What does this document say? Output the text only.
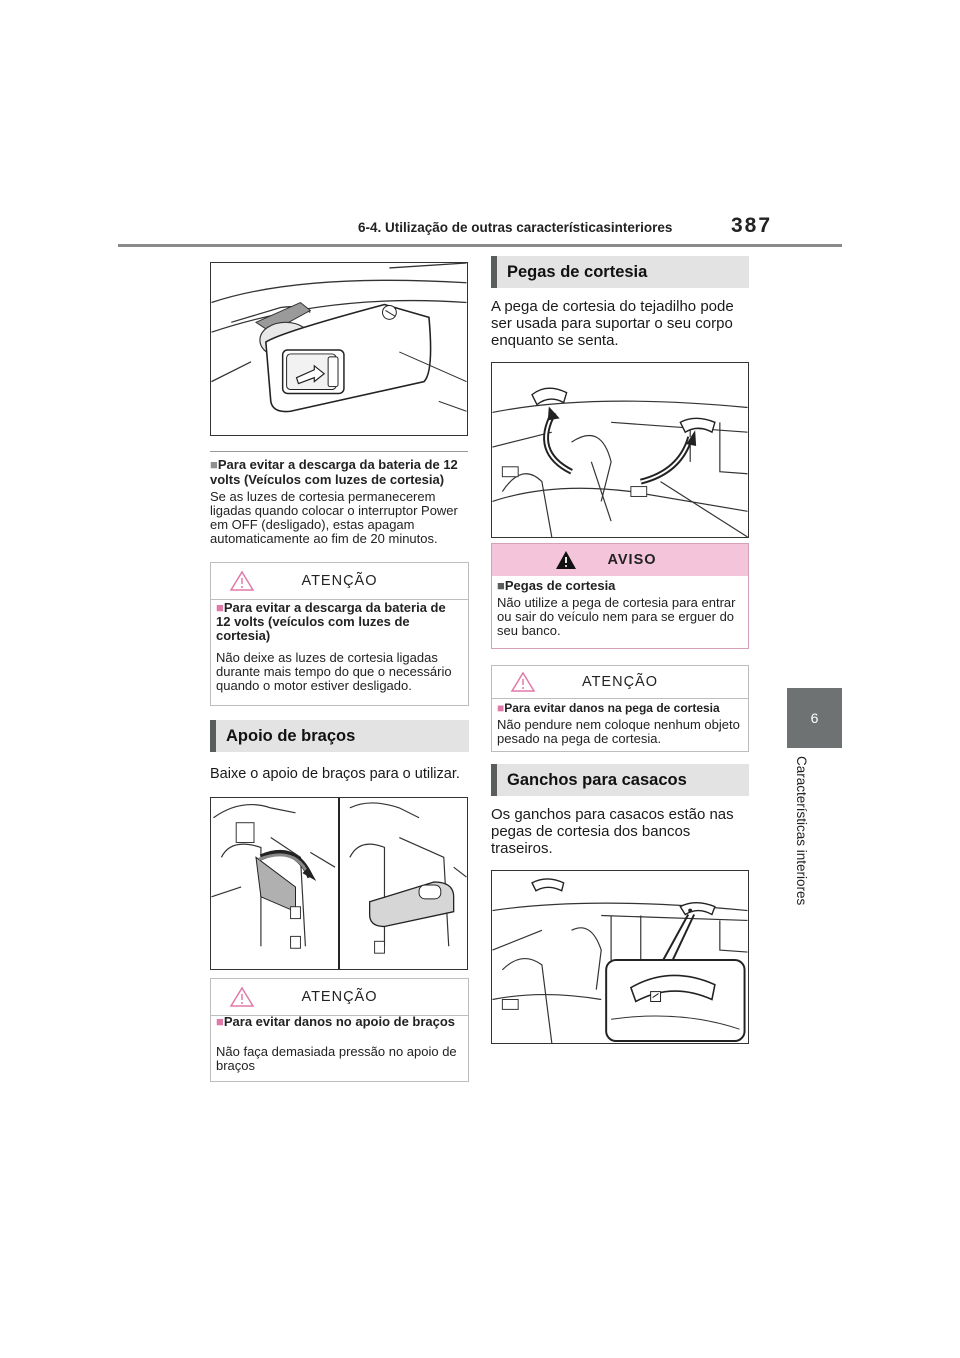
6-4. Utilização de outras característicasinteriores	387
6
Características interiores
■Para evitar a descarga da bateria de 12 volts (Veículos com luzes de cortesia)
Se as luzes de cortesia permanecerem ligadas quando colocar o interruptor Power em OFF (desligado), estas apagam automaticamente ao fim de 20 minutos.
ATENÇÃO
■Para evitar a descarga da bateria de 12 volts (veículos com luzes de cortesia)
Não deixe as luzes de cortesia ligadas durante mais tempo do que o necessário quando o motor estiver desligado.
Apoio de braços
Baixe o apoio de braços para o utilizar.
ATENÇÃO
■Para evitar danos no apoio de braços
Não faça demasiada pressão no apoio de braços
Pegas de cortesia
A pega de cortesia do tejadilho pode ser usada para suportar o seu corpo enquanto se senta.
AVISO
■Pegas de cortesia
Não utilize a pega de cortesia para entrar ou sair do veículo nem para se erguer do seu banco.
ATENÇÃO
■Para evitar danos na pega de cortesia
Não pendure nem coloque nenhum objeto pesado na pega de cortesia.
Ganchos para casacos
Os ganchos para casacos estão nas pegas de cortesia dos bancos traseiros.
